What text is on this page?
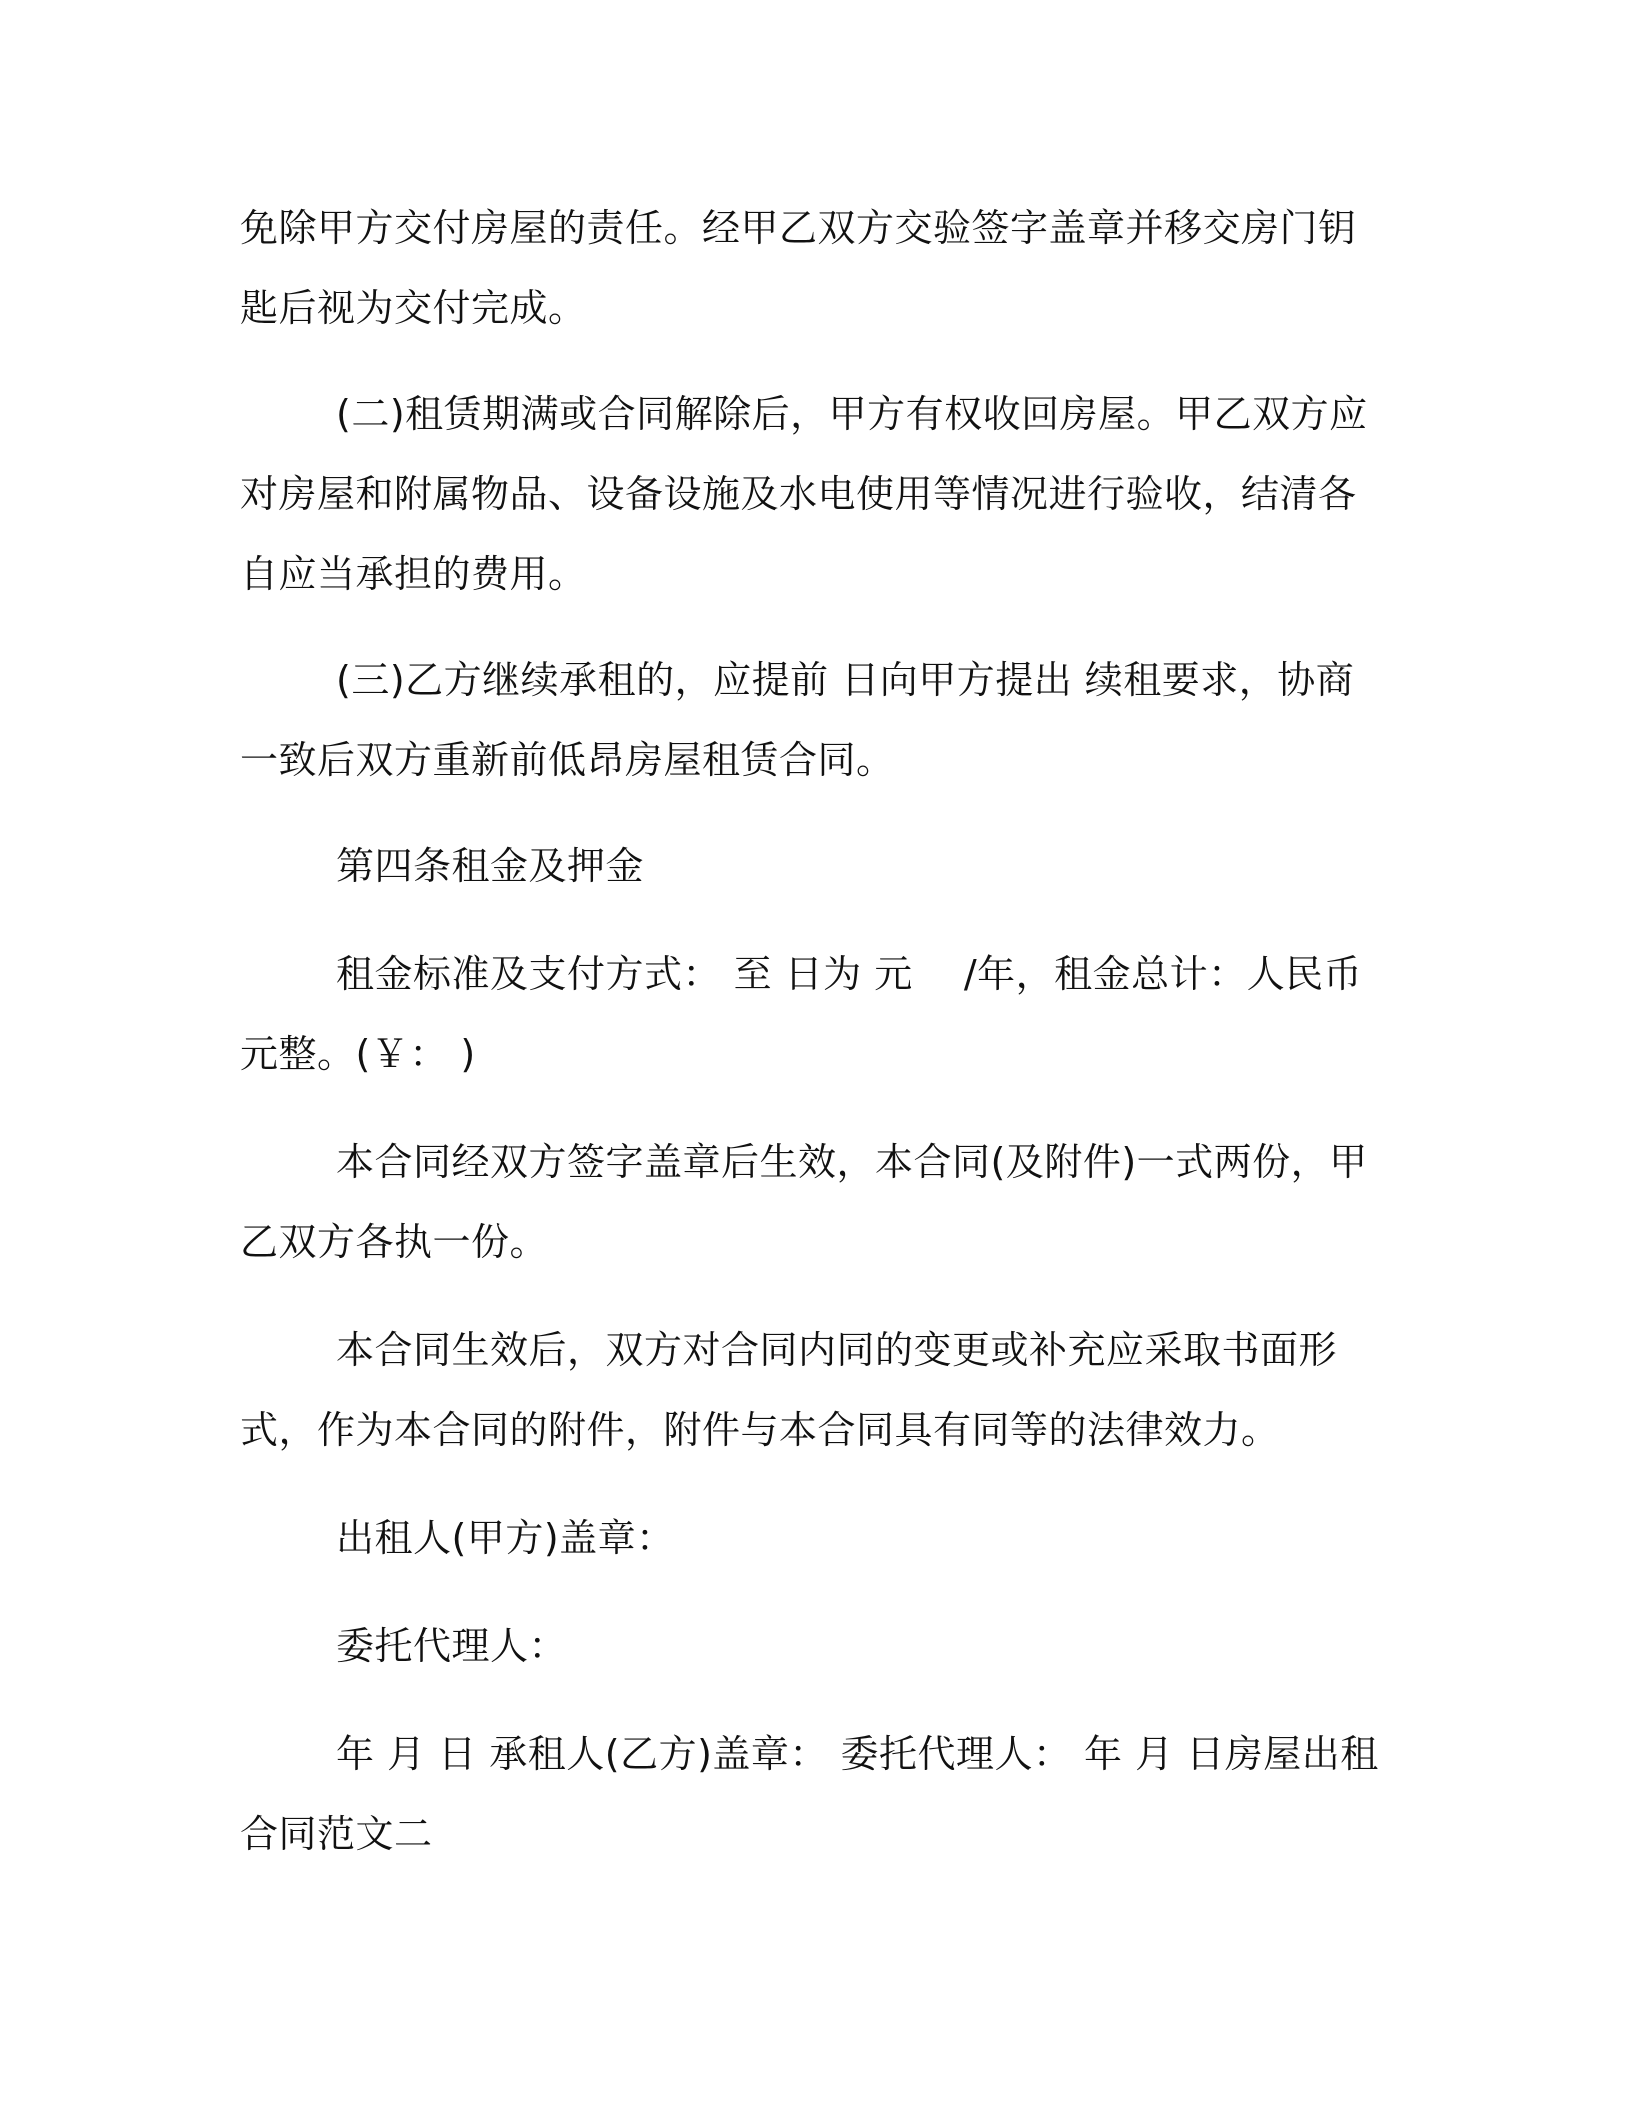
免除甲方交付房屋的责任。经甲乙双方交验签字盖章并移交房门钥匙后视为交付完成。

(二)租赁期满或合同解除后，甲方有权收回房屋。甲乙双方应对房屋和附属物品、设备设施及水电使用等情况进行验收，结清各自应当承担的费用。

(三)乙方继续承租的，应提前 日向甲方提出 续租要求，协商一致后双方重新前低昂房屋租赁合同。

第四条租金及押金

租金标准及支付方式： 至 日为 元　 /年，租金总计：人民币 元整。(￥： )

本合同经双方签字盖章后生效，本合同(及附件)一式两份，甲乙双方各执一份。

本合同生效后，双方对合同内同的变更或补充应采取书面形式，作为本合同的附件，附件与本合同具有同等的法律效力。

出租人(甲方)盖章：

委托代理人：

年 月 日 承租人(乙方)盖章： 委托代理人： 年 月 日房屋出租合同范文二
